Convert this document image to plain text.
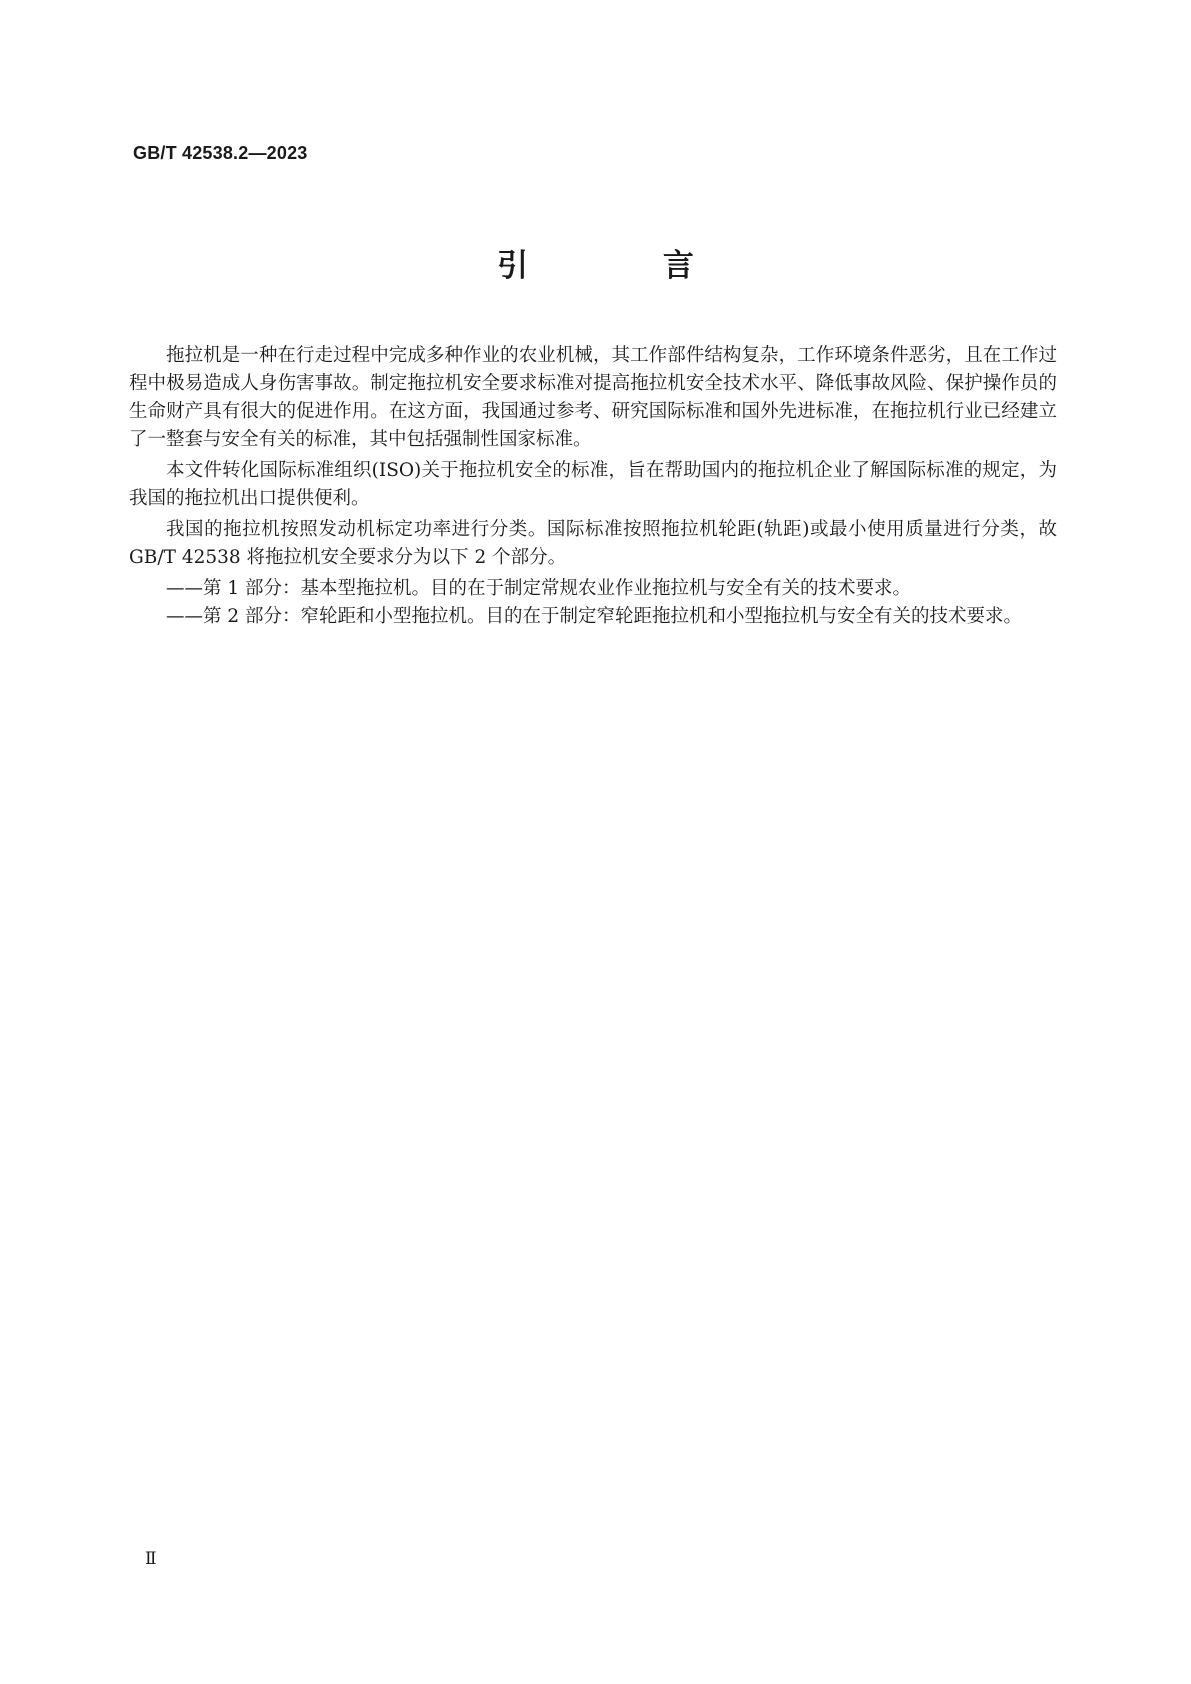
GB/T 42538.2—2023
引 言

拖拉机是一种在行走过程中完成多种作业的农业机械，其工作部件结构复杂，工作环境条件恶劣，且在工作过程中极易造成人身伤害事故。制定拖拉机安全要求标准对提高拖拉机安全技术水平、降低事故风险、保护操作员的生命财产具有很大的促进作用。在这方面，我国通过参考、研究国际标准和国外先进标准，在拖拉机行业已经建立了一整套与安全有关的标准，其中包括强制性国家标准。

本文件转化国际标准组织(ISO)关于拖拉机安全的标准，旨在帮助国内的拖拉机企业了解国际标准的规定，为我国的拖拉机出口提供便利。

我国的拖拉机按照发动机标定功率进行分类。国际标准按照拖拉机轮距(轨距)或最小使用质量进行分类，故 GB/T 42538 将拖拉机安全要求分为以下 2 个部分。

——第 1 部分：基本型拖拉机。目的在于制定常规农业作业拖拉机与安全有关的技术要求。

——第 2 部分：窄轮距和小型拖拉机。目的在于制定窄轮距拖拉机和小型拖拉机与安全有关的技术要求。

Ⅱ
